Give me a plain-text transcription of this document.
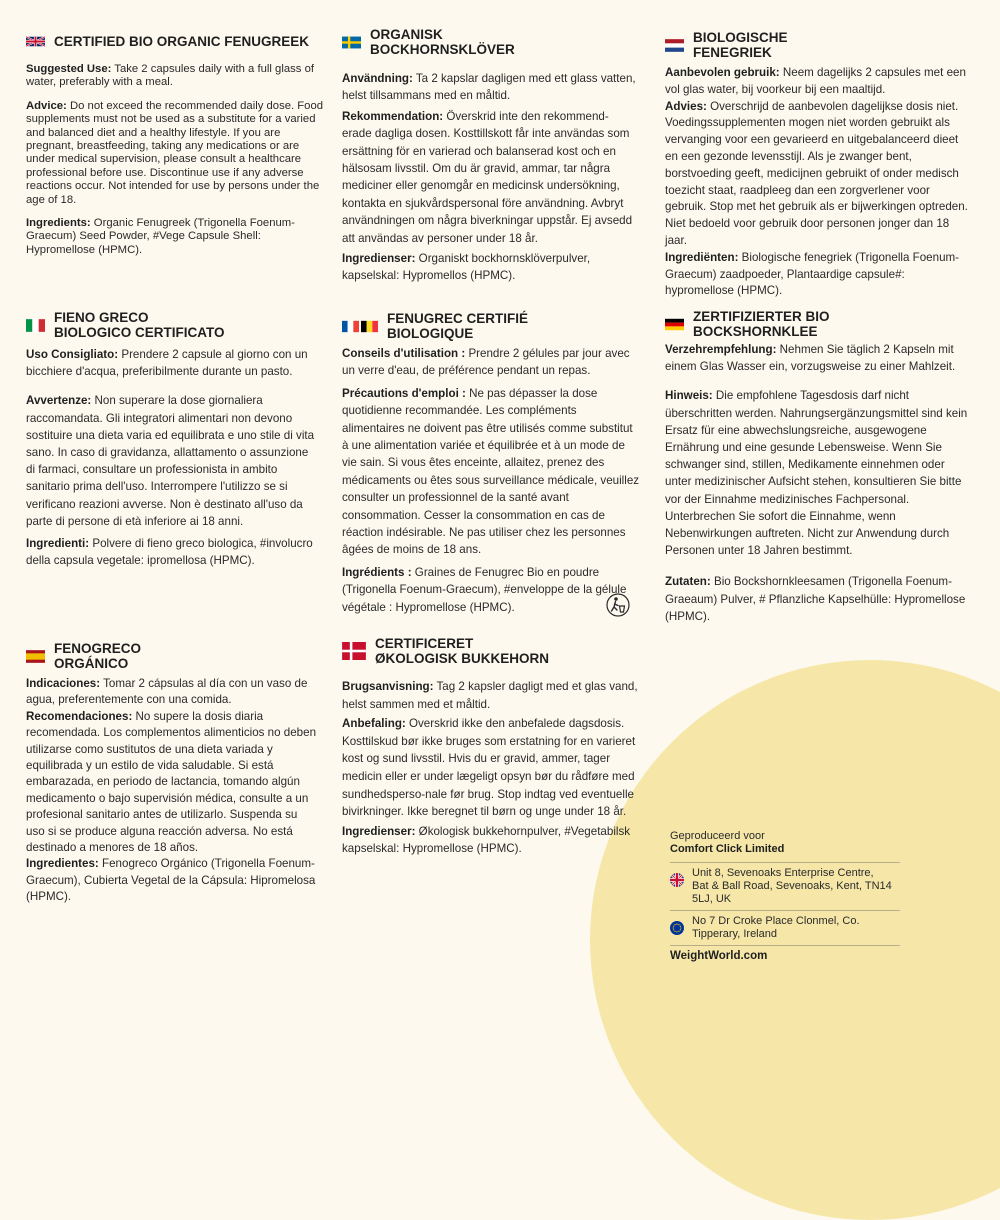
CERTIFIED BIO ORGANIC FENUGREEK

Suggested Use: Take 2 capsules daily with a full glass of water, preferably with a meal.

Advice: Do not exceed the recommended daily dose. Food supplements must not be used as a substitute for a varied and balanced diet and a healthy lifestyle. If you are pregnant, breastfeeding, taking any medications or are under medical supervision, please consult a healthcare professional before use. Discontinue use if any adverse reactions occur. Not intended for use by persons under the age of 18.

Ingredients: Organic Fenugreek (Trigonella Foenum-Graecum) Seed Powder, #Vege Capsule Shell: Hypromellose (HPMC).

ORGANISK
BOCKHORNSKLÖVER

Användning: Ta 2 kapslar dagligen med ett glass vatten, helst tillsammans med en måltid.

Rekommendation: Överskrid inte den rekommend-erade dagliga dosen. Kosttillskott får inte användas som ersättning för en varierad och balanserad kost och en hälsosam livsstil. Om du är gravid, ammar, tar några mediciner eller genomgår en medicinsk undersökning, kontakta en sjukvårdspersonal före användning. Avbryt användningen om några biverkningar uppstår. Ej avsedd att användas av personer under 18 år.

Ingredienser: Organiskt bockhornsklöverpulver, kapselskal: Hypromellos (HPMC).

BIOLOGISCHE
FENEGRIEK

Aanbevolen gebruik: Neem dagelijks 2 capsules met een vol glas water, bij voorkeur bij een maaltijd.

Advies: Overschrijd de aanbevolen dagelijkse dosis niet. Voedingssupplementen mogen niet worden gebruikt als vervanging voor een gevarieerd en uitgebalanceerd dieet en een gezonde levensstijl. Als je zwanger bent, borstvoeding geeft, medicijnen gebruikt of onder medisch toezicht staat, raadpleeg dan een zorgverlener voor gebruik. Stop met het gebruik als er bijwerkingen optreden. Niet bedoeld voor gebruik door personen jonger dan 18 jaar.

Ingrediënten: Biologische fenegriek (Trigonella Foenum-Graecum) zaadpoeder, Plantaardige capsule#: hypromellose (HPMC).

FIENO GRECO
BIOLOGICO CERTIFICATO

Uso Consigliato: Prendere 2 capsule al giorno con un bicchiere d'acqua, preferibilmente durante un pasto.

Avvertenze: Non superare la dose giornaliera raccomandata. Gli integratori alimentari non devono sostituire una dieta varia ed equilibrata e uno stile di vita sano. In caso di gravidanza, allattamento o assunzione di farmaci, consultare un professionista in ambito sanitario prima dell'uso. Interrompere l'utilizzo se si verificano reazioni avverse. Non è destinato all'uso da parte di persone di età inferiore ai 18 anni.

Ingredienti: Polvere di fieno greco biologica, #involucro della capsula vegetale: ipromellosa (HPMC).

FENUGREC CERTIFIÉ
BIOLOGIQUE

Conseils d'utilisation : Prendre 2 gélules par jour avec un verre d'eau, de préférence pendant un repas.

Précautions d'emploi : Ne pas dépasser la dose quotidienne recommandée. Les compléments alimentaires ne doivent pas être utilisés comme substitut à une alimentation variée et équilibrée et à un mode de vie sain. Si vous êtes enceinte, allaitez, prenez des médicaments ou êtes sous surveillance médicale, veuillez consulter un professionnel de la santé avant consommation. Cesser la consommation en cas de réaction indésirable. Ne pas utiliser chez les personnes âgées de moins de 18 ans.

Ingrédients : Graines de Fenugrec Bio en poudre (Trigonella Foenum-Graecum), #enveloppe de la gélule végétale : Hypromellose (HPMC).

ZERTIFIZIERTER BIO
BOCKSHORNKLEE

Verzehrempfehlung: Nehmen Sie täglich 2 Kapseln mit einem Glas Wasser ein, vorzugsweise zu einer Mahlzeit.

Hinweis: Die empfohlene Tagesdosis darf nicht überschritten werden. Nahrungsergänzungsmittel sind kein Ersatz für eine abwechslungsreiche, ausgewogene Ernährung und eine gesunde Lebensweise. Wenn Sie schwanger sind, stillen, Medikamente einnehmen oder unter medizinischer Aufsicht stehen, konsultieren Sie bitte vor der Einnahme medizinisches Fachpersonal. Unterbrechen Sie sofort die Einnahme, wenn Nebenwirkungen auftreten. Nicht zur Anwendung durch Personen unter 18 Jahren bestimmt.

Zutaten: Bio Bockshornkleesamen (Trigonella Foenum-Graeaum) Pulver, # Pflanzliche Kapselhülle: Hypromellose (HPMC).

FENOGRECO
ORGÁNICO

Indicaciones: Tomar 2 cápsulas al día con un vaso de agua, preferentemente con una comida.

Recomendaciones: No supere la dosis diaria recomendada. Los complementos alimenticios no deben utilizarse como sustitutos de una dieta variada y equilibrada y un estilo de vida saludable. Si está embarazada, en periodo de lactancia, tomando algún medicamento o bajo supervisión médica, consulte a un profesional sanitario antes de utilizarlo. Suspenda su uso si se produce alguna reacción adversa. No está destinado a menores de 18 años.

Ingredientes: Fenogreco Orgánico (Trigonella Foenum-Graecum), Cubierta Vegetal de la Cápsula: Hipromelosa (HPMC).

CERTIFICERET
ØKOLOGISK BUKKEHORN

Brugsanvisning: Tag 2 kapsler dagligt med et glas vand, helst sammen med et måltid.

Anbefaling: Overskrid ikke den anbefalede dagsdosis. Kosttilskud bør ikke bruges som erstatning for en varieret kost og sund livsstil. Hvis du er gravid, ammer, tager medicin eller er under lægeligt opsyn bør du rådføre med sundhedsperso-nale før brug. Stop indtag ved eventuelle bivirkninger. Ikke beregnet til børn og unge under 18 år.

Ingredienser: Økologisk bukkehornpulver, #Vegetabilsk kapselskal: Hypromellose (HPMC).

Geproduceerd voor
Comfort Click Limited
Unit 8, Sevenoaks Enterprise Centre, Bat & Ball Road, Sevenoaks, Kent, TN14 5LJ, UK
No 7 Dr Croke Place Clonmel, Co. Tipperary, Ireland
WeightWorld.com
